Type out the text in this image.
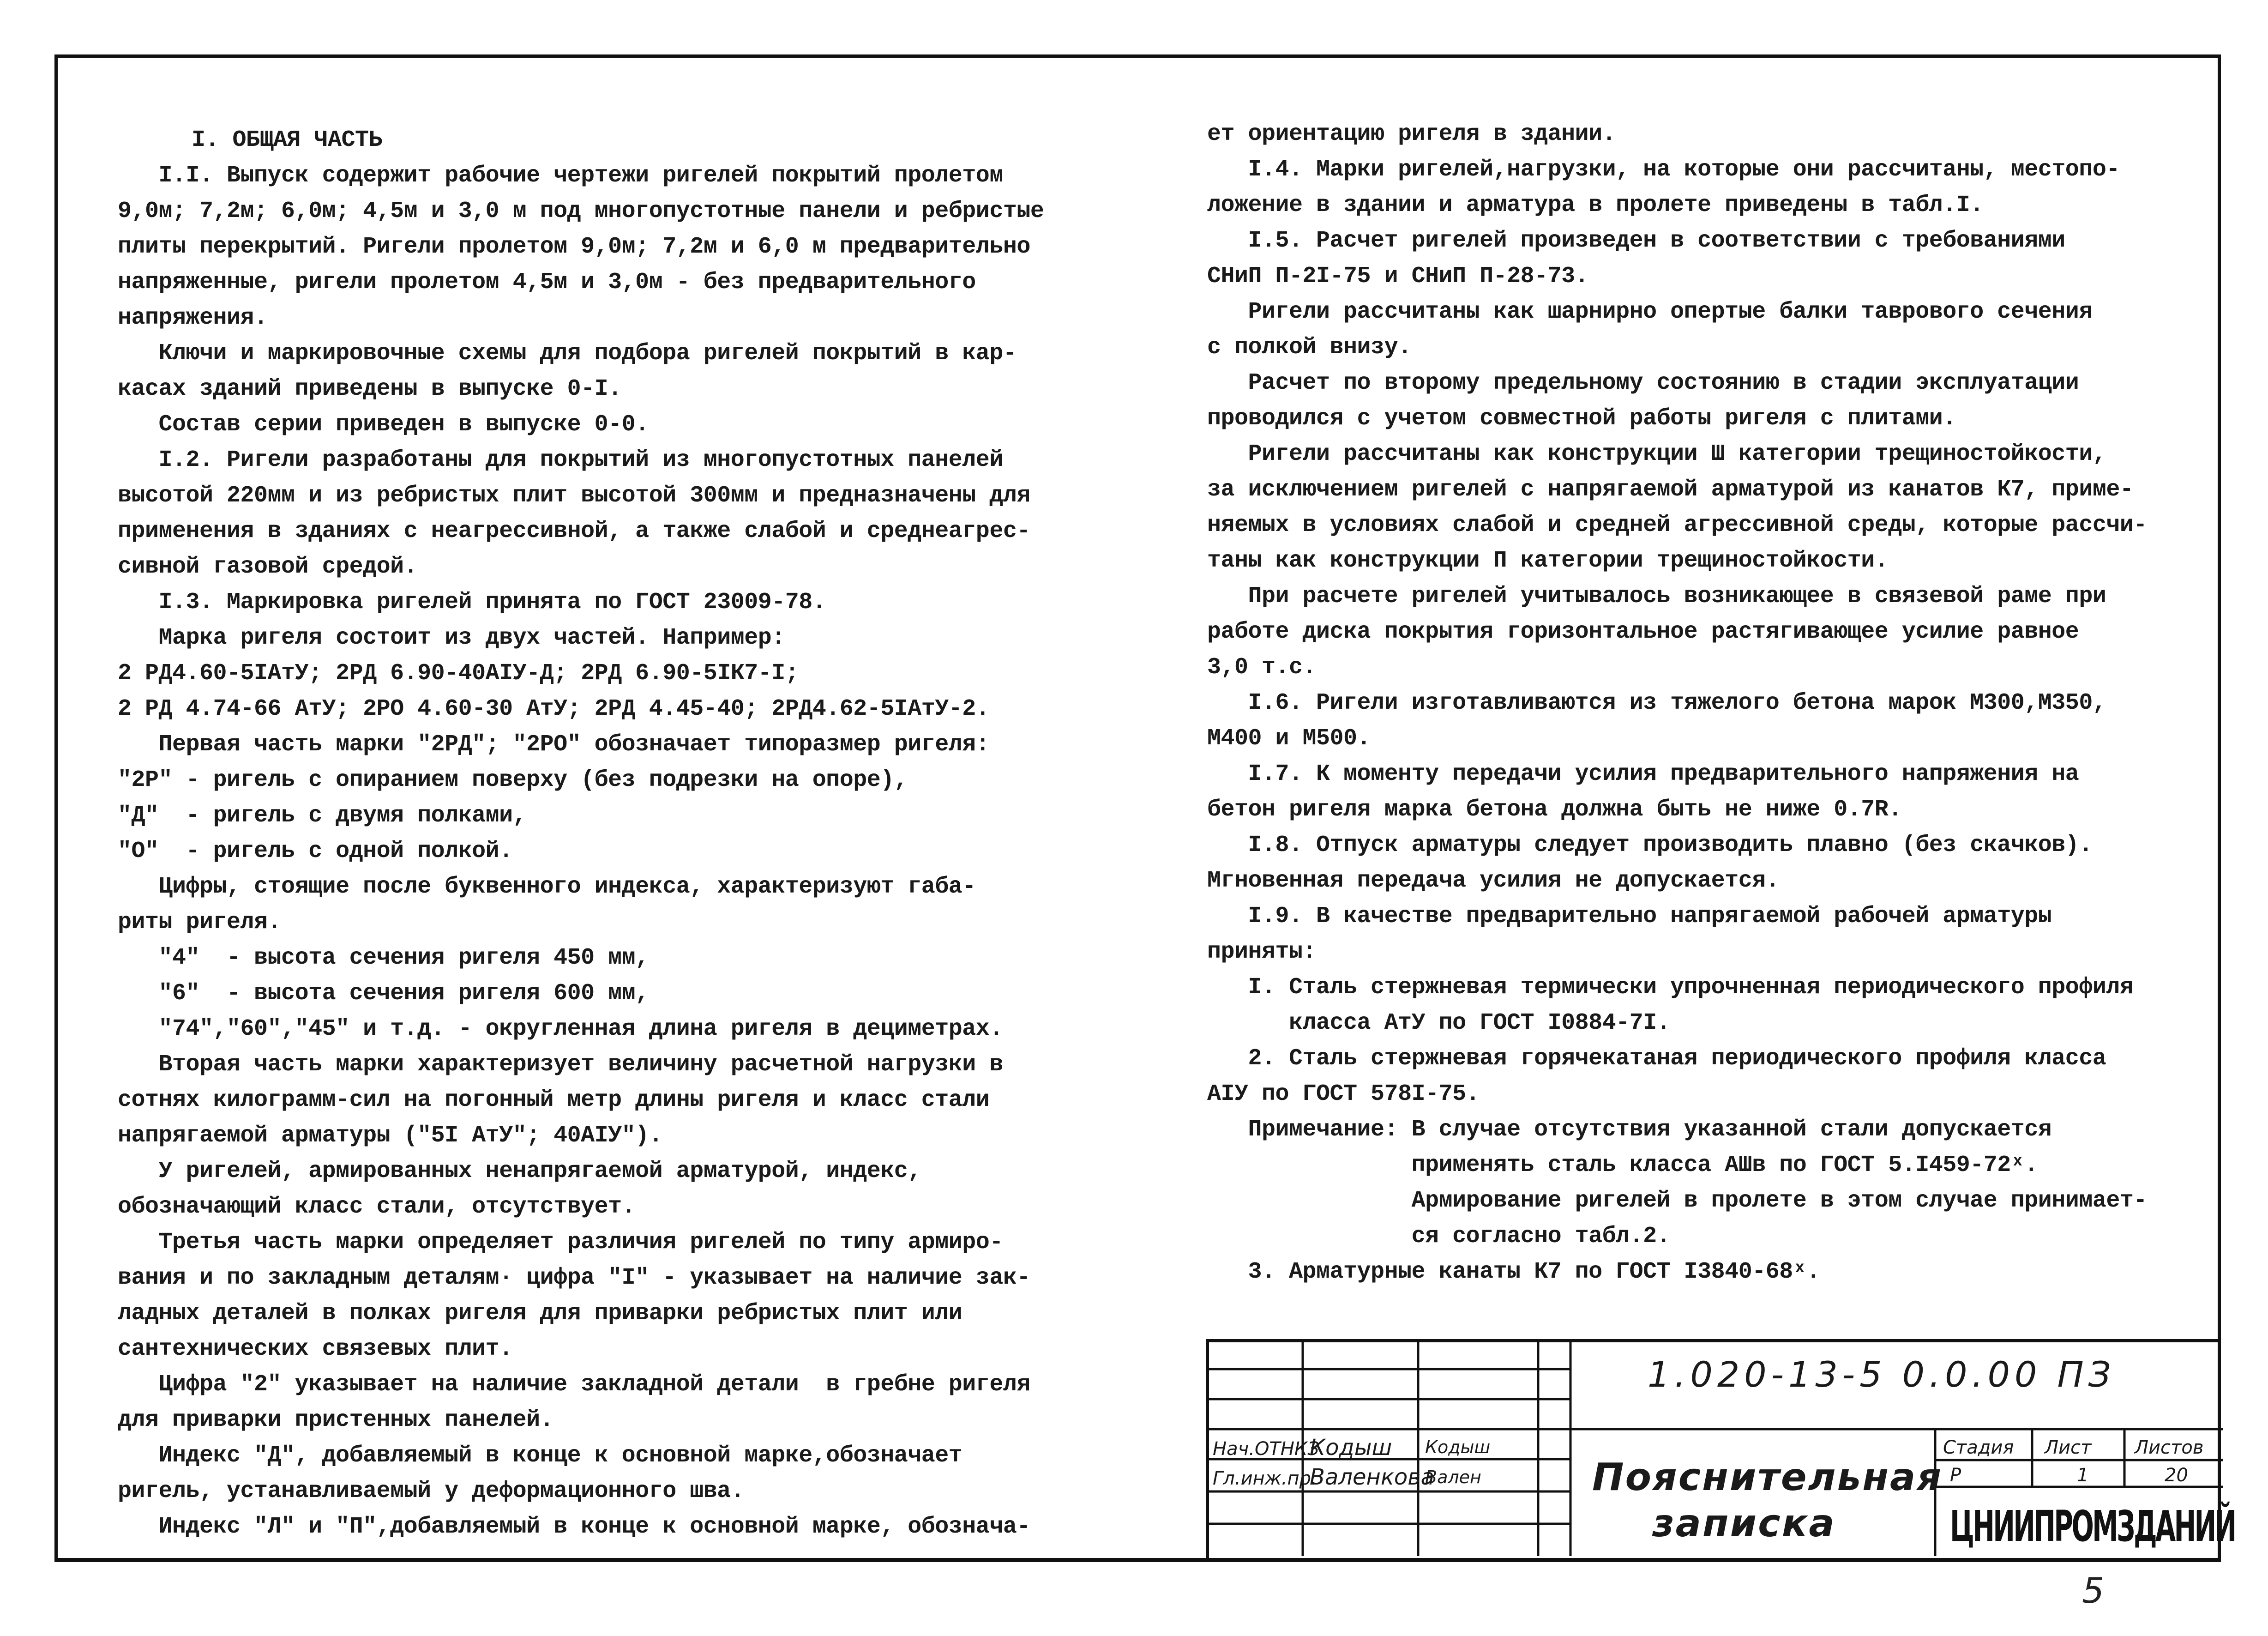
I. ОБЩАЯ ЧАСТЬ
I.I. Выпуск содержит рабочие чертежи ригелей покрытий пролетом
9,0м; 7,2м; 6,0м; 4,5м и 3,0 м под многопустотные панели и ребристые
плиты перекрытий. Ригели пролетом 9,0м; 7,2м и 6,0 м предварительно
напряженные, ригели пролетом 4,5м и 3,0м - без предварительного
напряжения.
Ключи и маркировочные схемы для подбора ригелей покрытий в кар-
касах зданий приведены в выпуске 0-I.
Состав серии приведен в выпуске 0-0.
I.2. Ригели разработаны для покрытий из многопустотных панелей
высотой 220мм и из ребристых плит высотой 300мм и предназначены для
применения в зданиях с неагрессивной, а также слабой и среднеагрес-
сивной газовой средой.
I.3. Маркировка ригелей принята по ГОСТ 23009-78.
Марка ригеля состоит из двух частей. Например:
2 РД4.60-5IАтУ; 2РД 6.90-40АIУ-Д; 2РД 6.90-5IК7-I;
2 РД 4.74-66 АтУ; 2РО 4.60-30 АтУ; 2РД 4.45-40; 2РД4.62-5IАтУ-2.
Первая часть марки "2РД"; "2РО" обозначает типоразмер ригеля:
"2Р" - ригель с опиранием поверху (без подрезки на опоре),
"Д"  - ригель с двумя полками,
"О"  - ригель с одной полкой.
Цифры, стоящие после буквенного индекса, характеризуют габа-
риты ригеля.
"4"  - высота сечения ригеля 450 мм,
"6"  - высота сечения ригеля 600 мм,
"74","60","45" и т.д. - округленная длина ригеля в дециметрах.
Вторая часть марки характеризует величину расчетной нагрузки в
сотнях килограмм-сил на погонный метр длины ригеля и класс стали
напрягаемой арматуры ("5I АтУ"; 40АIУ").
У ригелей, армированных ненапрягаемой арматурой, индекс,
обозначающий класс стали, отсутствует.
Третья часть марки определяет различия ригелей по типу армиро-
вания и по закладным деталям· цифра "I" - указывает на наличие зак-
ладных деталей в полках ригеля для приварки ребристых плит или
сантехнических связевых плит.
Цифра "2" указывает на наличие закладной детали  в гребне ригеля
для приварки пристенных панелей.
Индекс "Д", добавляемый в конце к основной марке,обозначает
ригель, устанавливаемый у деформационного шва.
Индекс "Л" и "П",добавляемый в конце к основной марке, обознача-
ет ориентацию ригеля в здании.
I.4. Марки ригелей,нагрузки, на которые они рассчитаны, местопо-
ложение в здании и арматура в пролете приведены в табл.I.
I.5. Расчет ригелей произведен в соответствии с требованиями
СНиП П-2I-75 и СНиП П-28-73.
Ригели рассчитаны как шарнирно опертые балки таврового сечения
с полкой внизу.
Расчет по второму предельному состоянию в стадии эксплуатации
проводился с учетом совместной работы ригеля с плитами.
Ригели рассчитаны как конструкции Ш категории трещиностойкости,
за исключением ригелей с напрягаемой арматурой из канатов К7, приме-
няемых в условиях слабой и средней агрессивной среды, которые рассчи-
таны как конструкции П категории трещиностойкости.
При расчете ригелей учитывалось возникающее в связевой раме при
работе диска покрытия горизонтальное растягивающее усилие равное
3,0 т.с.
I.6. Ригели изготавливаются из тяжелого бетона марок М300,М350,
М400 и М500.
I.7. К моменту передачи усилия предварительного напряжения на
бетон ригеля марка бетона должна быть не ниже 0.7R.
I.8. Отпуск арматуры следует производить плавно (без скачков).
Мгновенная передача усилия не допускается.
I.9. В качестве предварительно напрягаемой рабочей арматуры
приняты:
I. Сталь стержневая термически упрочненная периодического профиля
класса АтУ по ГОСТ I0884-7I.
2. Сталь стержневая горячекатаная периодического профиля класса
АIУ по ГОСТ 578I-75.
Примечание: В случае отсутствия указанной стали допускается
применять сталь класса АШв по ГОСТ 5.I459-72ˣ.
Армирование ригелей в пролете в этом случае принимает-
ся согласно табл.2.
3. Арматурные канаты К7 по ГОСТ I3840-68ˣ.
1.020-13-5 0.0.00 ПЗ
Пояснительная
записка
Нач.ОТНКЗ
Кодыш Кодыш
Гл.инж.пр.
Валенкова
Вален
Стадия Лист Листов
Р	1	20
ЦНИИПРОМЗДАНИЙ
5
